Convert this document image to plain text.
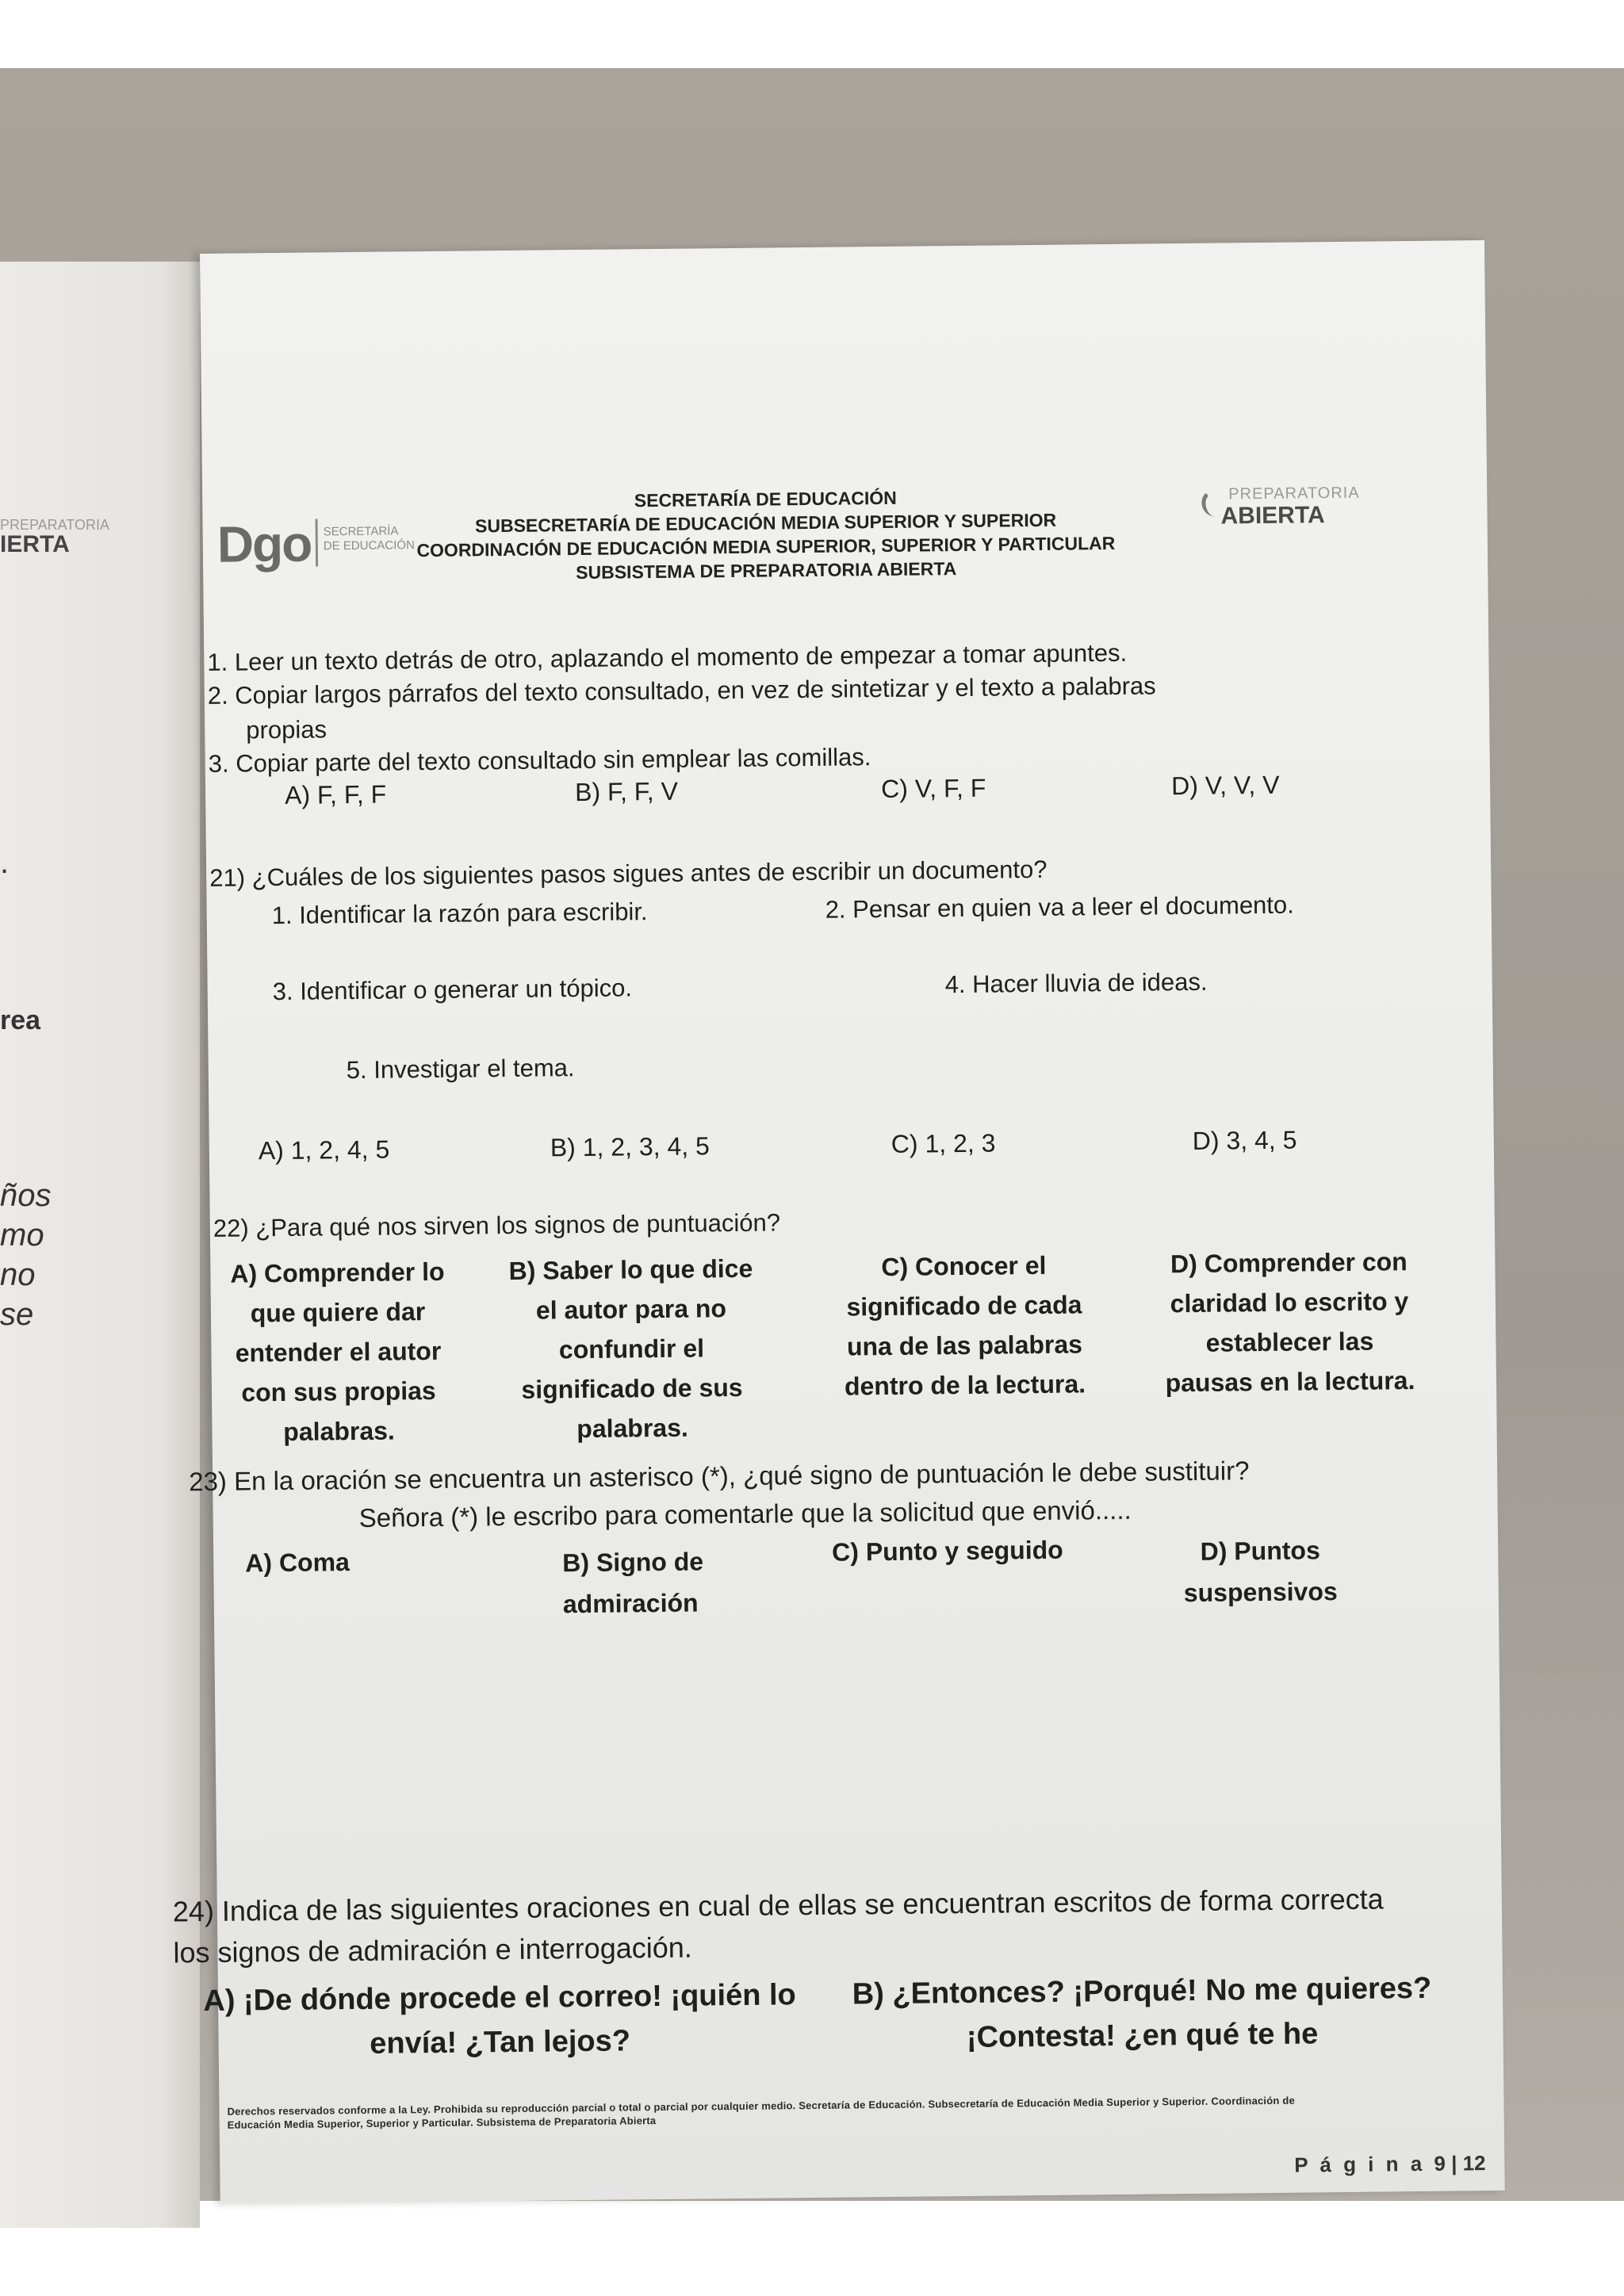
PREPARATORIA
IERTA
.
rea
ños
mo
no
se
Dgo SECRETARÍA
DE EDUCACIÓN
SECRETARÍA DE EDUCACIÓN
SUBSECRETARÍA DE EDUCACIÓN MEDIA SUPERIOR Y SUPERIOR
COORDINACIÓN DE EDUCACIÓN MEDIA SUPERIOR, SUPERIOR Y PARTICULAR
SUBSISTEMA DE PREPARATORIA ABIERTA
PREPARATORIA
ABIERTA
1. Leer un texto detrás de otro, aplazando el momento de empezar a tomar apuntes.
2. Copiar largos párrafos del texto consultado, en vez de sintetizar y el texto a palabras
propias
3. Copiar parte del texto consultado sin emplear las comillas.
A) F, F, F	B) F, F, V	C) V, F, F	D) V, V, V
21) ¿Cuáles de los siguientes pasos sigues antes de escribir un documento?
1. Identificar la razón para escribir.	2. Pensar en quien va a leer el documento.
3. Identificar o generar un tópico.	4. Hacer lluvia de ideas.
5. Investigar el tema.
A) 1, 2, 4, 5	B) 1, 2, 3, 4, 5	C) 1, 2, 3	D) 3, 4, 5
22) ¿Para qué nos sirven los signos de puntuación?
A) Comprender lo
que quiere dar
entender el autor
con sus propias
palabras.
B) Saber lo que dice
el autor para no
confundir el
significado de sus
palabras.
C) Conocer el
significado de cada
una de las palabras
dentro de la lectura.
D) Comprender con
claridad lo escrito y
establecer las
pausas en la lectura.
23) En la oración se encuentra un asterisco (*), ¿qué signo de puntuación le debe sustituir?
Señora (*) le escribo para comentarle que la solicitud que envió.....
A) Coma	B) Signo de
admiración
C) Punto y seguido	D) Puntos
suspensivos
24) Indica de las siguientes oraciones en cual de ellas se encuentran escritos de forma correcta
los signos de admiración e interrogación.
A) ¡De dónde procede el correo! ¡quién lo
envía! ¿Tan lejos?
B) ¿Entonces? ¡Porqué! No me quieres?
¡Contesta! ¿en qué te he
Derechos reservados conforme a la Ley. Prohibida su reproducción parcial o total o parcial por cualquier medio. Secretaría de Educación. Subsecretaría de Educación Media Superior y Superior. Coordinación de
Educación Media Superior, Superior y Particular. Subsistema de Preparatoria Abierta
P á g i n a 9 | 12
